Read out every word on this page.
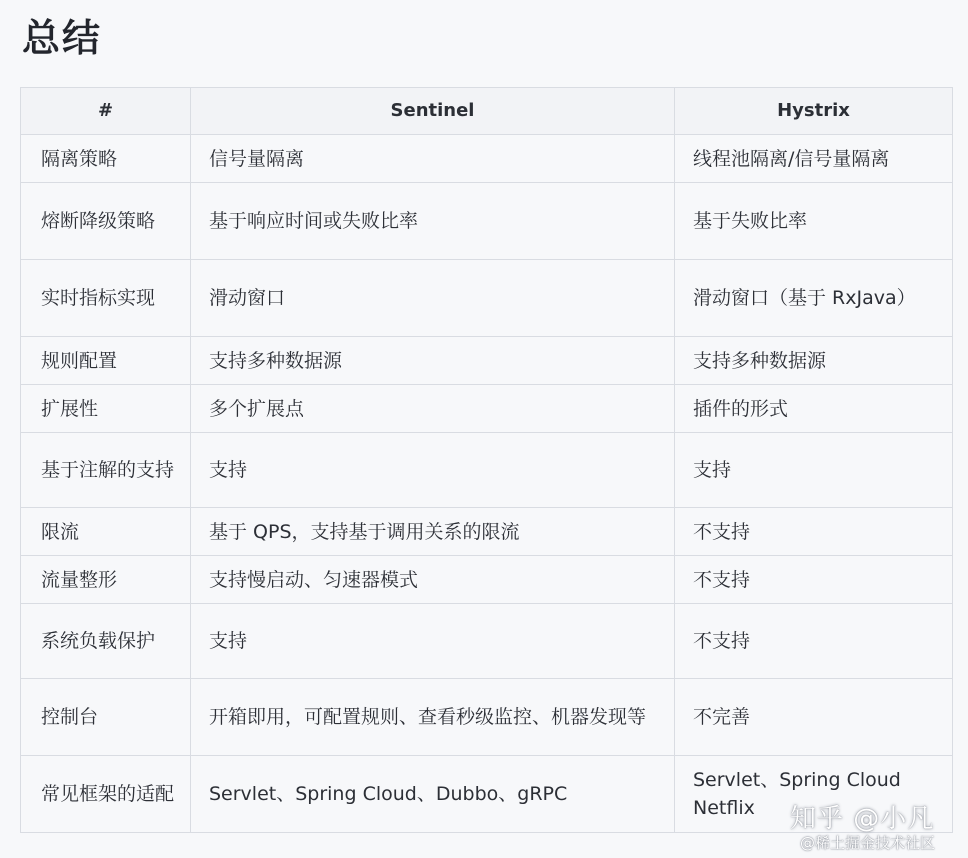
总结
#	Sentinel	Hystrix
隔离策略	信号量隔离	线程池隔离/信号量隔离
熔断降级策略	基于响应时间或失败比率	基于失败比率
实时指标实现	滑动窗口	滑动窗口（基于 RxJava）
规则配置	支持多种数据源	支持多种数据源
扩展性	多个扩展点	插件的形式
基于注解的支持	支持	支持
限流	基于 QPS，支持基于调用关系的限流	不支持
流量整形	支持慢启动、匀速器模式	不支持
系统负载保护	支持	不支持
控制台	开箱即用，可配置规则、查看秒级监控、机器发现等	不完善
常见框架的适配	Servlet、Spring Cloud、Dubbo、gRPC	Servlet、Spring Cloud Netflix 知乎 @小凡
@稀土掘金技术社区
